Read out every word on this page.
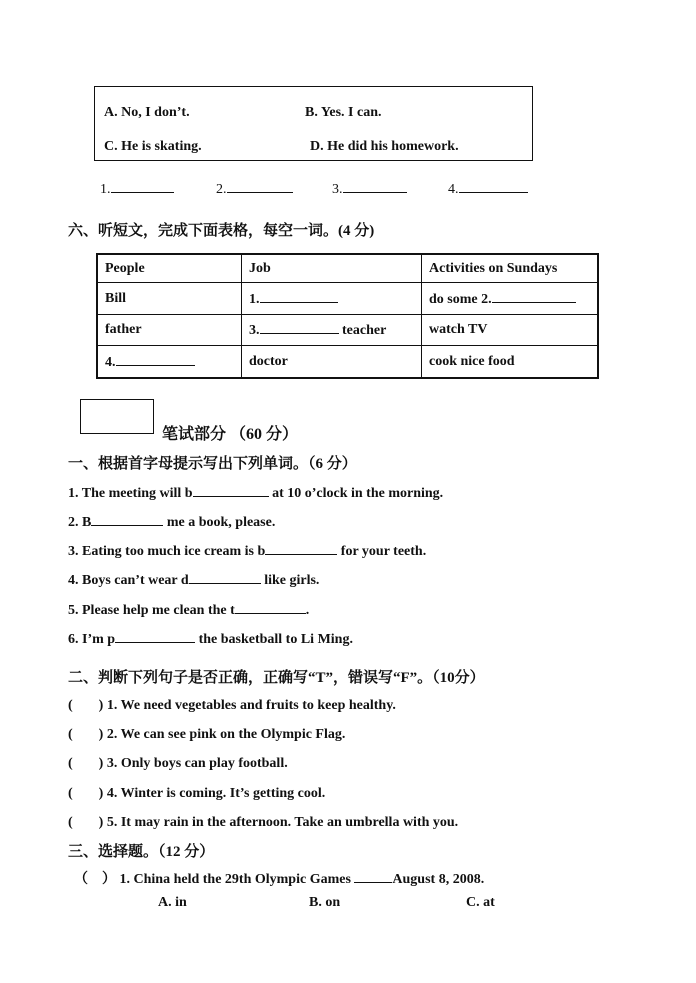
A. No, I don’t.	B. Yes. I can.
C. He is skating.	D. He did his homework.
1.	2.	3.	4.
六、听短文，完成下面表格，每空一词。(4 分)
People	Job	Activities on Sundays
Bill	1.	do some 2.
father	3. teacher	watch TV
4.	doctor	cook nice food
笔试部分 （60 分）
一、根据首字母提示写出下列单词。（6 分）
1. The meeting will b	at 10 o’clock in the morning.
2. B	me a book, please.
3. Eating too much ice cream is b	for your teeth.
4. Boys can’t wear d	like girls.
5. Please help me clean the t	.
6. I’m p	the basketball to Li Ming.
二、判断下列句子是否正确，正确写“T”，错误写“F”。（10分）
( ) 1. We need vegetables and fruits to keep healthy.
( ) 2. We can see pink on the Olympic Flag.
( ) 3. Only boys can play football.
( ) 4. Winter is coming. It’s getting cool.
( ) 5. It may rain in the afternoon. Take an umbrella with you.
三、选择题。（12 分）
（ ） 1. China held the 29th Olympic Games	August 8, 2008.
A. in	B. on	C. at
